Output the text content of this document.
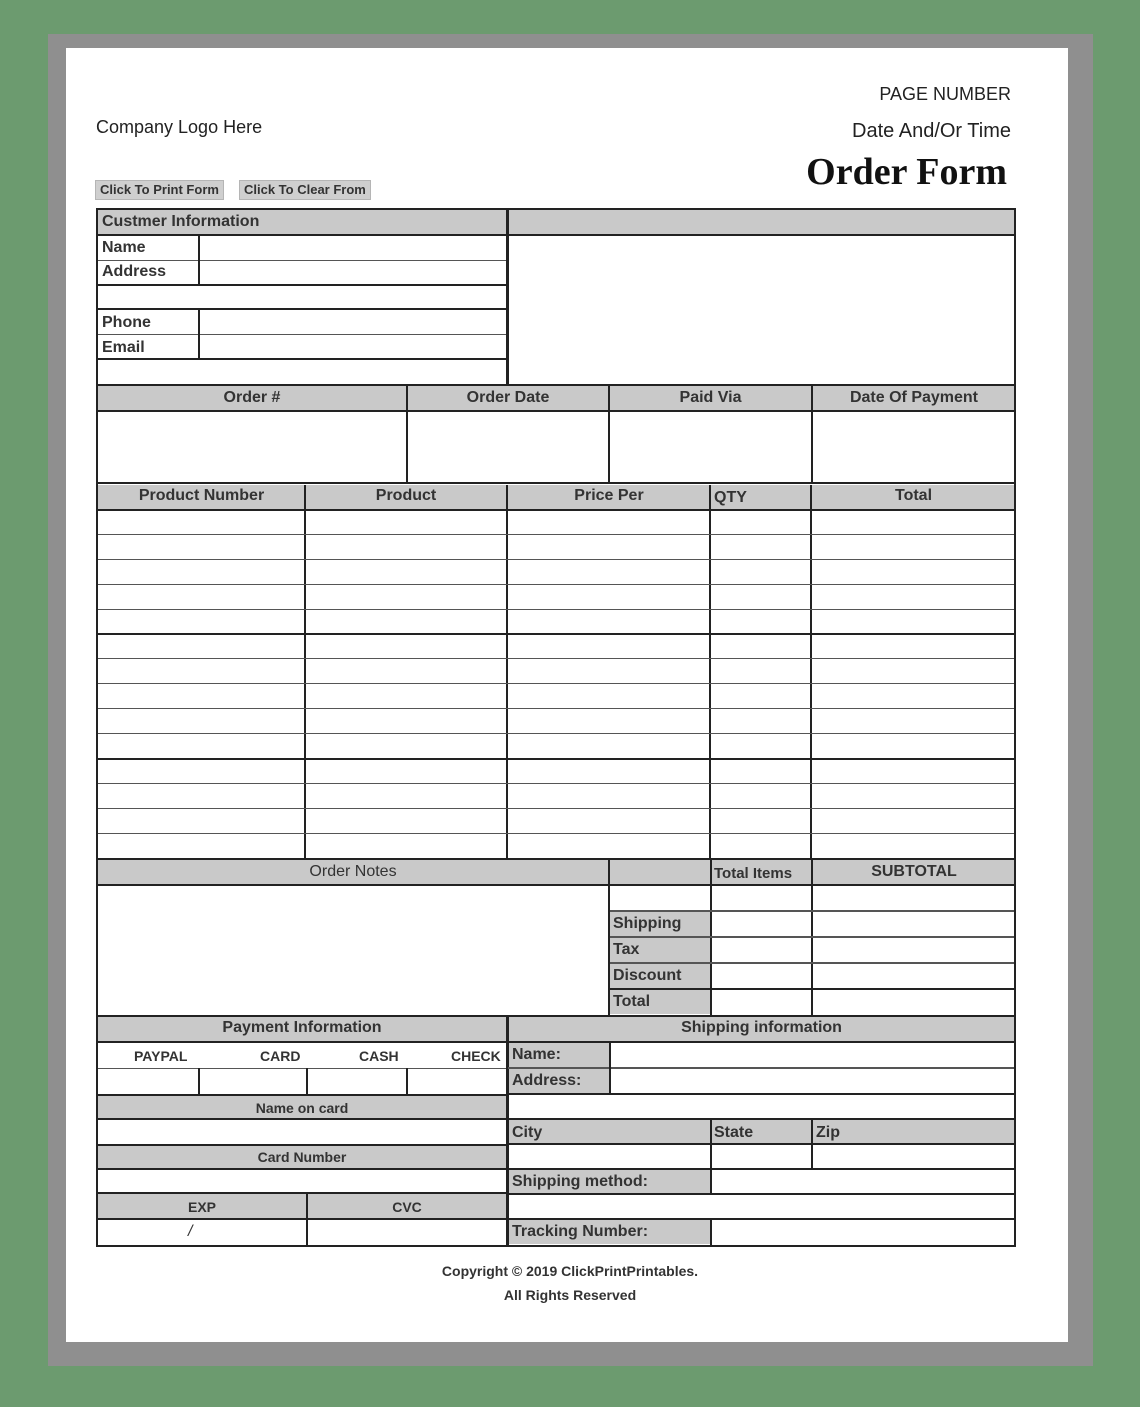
PAGE NUMBER
Date And/Or Time
Order Form
Company Logo Here
Click To Print Form	Click To Clear From
Custmer Information
Name
Address
Phone
Email
Order #	Order Date	Paid Via	Date Of Payment
Product Number	Product	Price Per	QTY	Total
Order Notes	Total Items	SUBTOTAL
Shipping
Tax
Discount
Total
Payment Information	Shipping information
PAYPAL	CARD	CASH	CHECK
Name on card
Card Number
EXP	CVC
/
Name:
Address:
City	State	Zip
Shipping method:
Tracking Number:
Copyright © 2019 ClickPrintPrintables.
All Rights Reserved
